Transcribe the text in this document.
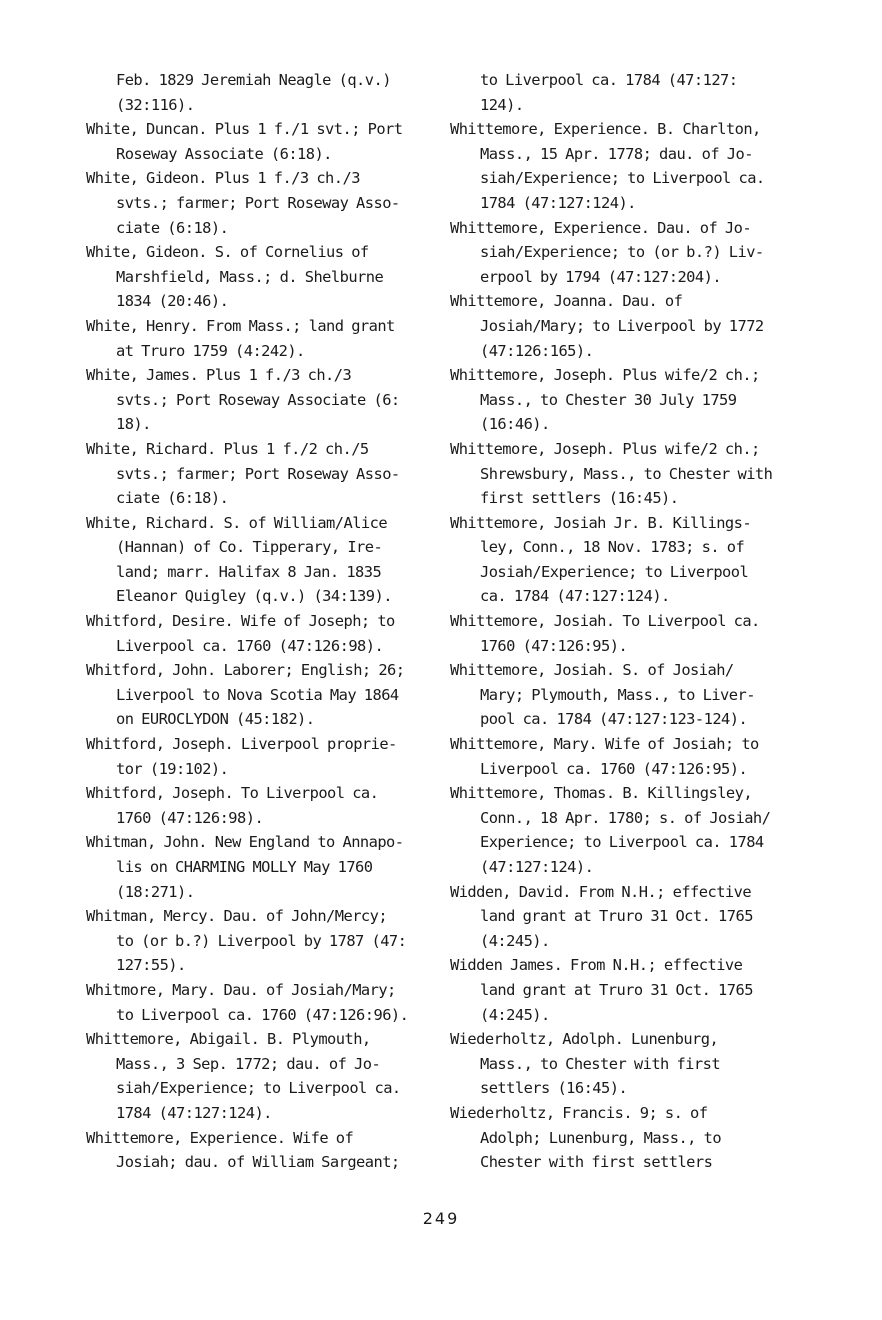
Feb. 1829 Jeremiah Neagle (q.v.)
(32:116).
White, Duncan. Plus 1 f./1 svt.; Port
Roseway Associate (6:18).
White, Gideon. Plus 1 f./3 ch./3
svts.; farmer; Port Roseway Asso-
ciate (6:18).
White, Gideon. S. of Cornelius of
Marshfield, Mass.; d. Shelburne
1834 (20:46).
White, Henry. From Mass.; land grant
at Truro 1759 (4:242).
White, James. Plus 1 f./3 ch./3
svts.; Port Roseway Associate (6:
18).
White, Richard. Plus 1 f./2 ch./5
svts.; farmer; Port Roseway Asso-
ciate (6:18).
White, Richard. S. of William/Alice
(Hannan) of Co. Tipperary, Ire-
land; marr. Halifax 8 Jan. 1835
Eleanor Quigley (q.v.) (34:139).
Whitford, Desire. Wife of Joseph; to
Liverpool ca. 1760 (47:126:98).
Whitford, John. Laborer; English; 26;
Liverpool to Nova Scotia May 1864
on EUROCLYDON (45:182).
Whitford, Joseph. Liverpool proprie-
tor (19:102).
Whitford, Joseph. To Liverpool ca.
1760 (47:126:98).
Whitman, John. New England to Annapo-
lis on CHARMING MOLLY May 1760
(18:271).
Whitman, Mercy. Dau. of John/Mercy;
to (or b.?) Liverpool by 1787 (47:
127:55).
Whitmore, Mary. Dau. of Josiah/Mary;
to Liverpool ca. 1760 (47:126:96).
Whittemore, Abigail. B. Plymouth,
Mass., 3 Sep. 1772; dau. of Jo-
siah/Experience; to Liverpool ca.
1784 (47:127:124).
Whittemore, Experience. Wife of
Josiah; dau. of William Sargeant;
to Liverpool ca. 1784 (47:127:
124).
Whittemore, Experience. B. Charlton,
Mass., 15 Apr. 1778; dau. of Jo-
siah/Experience; to Liverpool ca.
1784 (47:127:124).
Whittemore, Experience. Dau. of Jo-
siah/Experience; to (or b.?) Liv-
erpool by 1794 (47:127:204).
Whittemore, Joanna. Dau. of
Josiah/Mary; to Liverpool by 1772
(47:126:165).
Whittemore, Joseph. Plus wife/2 ch.;
Mass., to Chester 30 July 1759
(16:46).
Whittemore, Joseph. Plus wife/2 ch.;
Shrewsbury, Mass., to Chester with
first settlers (16:45).
Whittemore, Josiah Jr. B. Killings-
ley, Conn., 18 Nov. 1783; s. of
Josiah/Experience; to Liverpool
ca. 1784 (47:127:124).
Whittemore, Josiah. To Liverpool ca.
1760 (47:126:95).
Whittemore, Josiah. S. of Josiah/
Mary; Plymouth, Mass., to Liver-
pool ca. 1784 (47:127:123-124).
Whittemore, Mary. Wife of Josiah; to
Liverpool ca. 1760 (47:126:95).
Whittemore, Thomas. B. Killingsley,
Conn., 18 Apr. 1780; s. of Josiah/
Experience; to Liverpool ca. 1784
(47:127:124).
Widden, David. From N.H.; effective
land grant at Truro 31 Oct. 1765
(4:245).
Widden James. From N.H.; effective
land grant at Truro 31 Oct. 1765
(4:245).
Wiederholtz, Adolph. Lunenburg,
Mass., to Chester with first
settlers (16:45).
Wiederholtz, Francis. 9; s. of
Adolph; Lunenburg, Mass., to
Chester with first settlers
249
